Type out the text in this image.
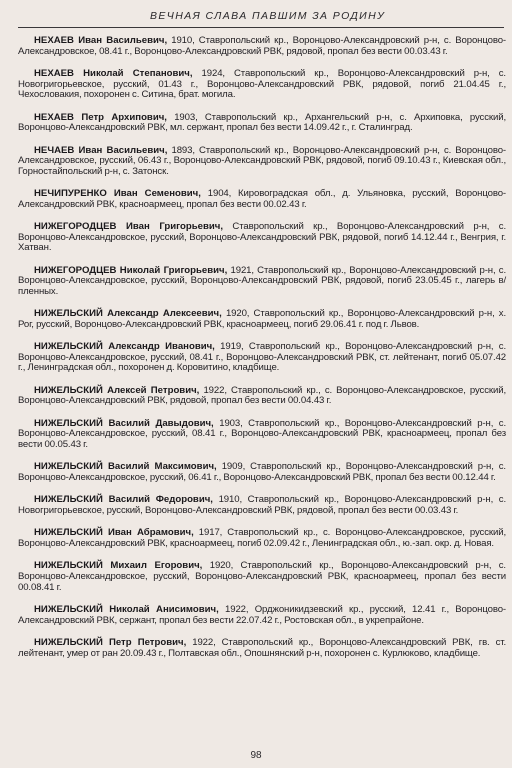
ВЕЧНАЯ СЛАВА ПАВШИМ ЗА РОДИНУ

НЕХАЕВ Иван Васильевич, 1910, Ставропольский кр., Воронцово-Александровский р-н, с. Воронцово-Александровское, 08.41 г., Воронцово-Александровский РВК, рядовой, пропал без вести 00.03.43 г.

НЕХАЕВ Николай Степанович, 1924, Ставропольский кр., Воронцово-Александровский р-н, с. Новогригорьевское, русский, 01.43 г., Воронцово-Александровский РВК, рядовой, погиб 21.04.45 г., Чехословакия, похоронен с. Ситина, брат. могила.

НЕХАЕВ Петр Архипович, 1903, Ставропольский кр., Архангельский р-н, с. Архиповка, русский, Воронцово-Александровский РВК, мл. сержант, пропал без вести 14.09.42 г., г. Сталинград.

НЕЧАЕВ Иван Васильевич, 1893, Ставропольский кр., Воронцово-Александровский р-н, с. Воронцово-Александровское, русский, 06.43 г., Воронцово-Александровский РВК, рядовой, погиб 09.10.43 г., Киевская обл., Горностайпольский р-н, с. Затонск.

НЕЧИПУРЕНКО Иван Семенович, 1904, Кировоградская обл., д. Ульяновка, русский, Воронцово-Александровский РВК, красноармеец, пропал без вести 00.02.43 г.

НИЖЕГОРОДЦЕВ Иван Григорьевич, Ставропольский кр., Воронцово-Александровский р-н, с. Воронцово-Александровское, русский, Воронцово-Александровский РВК, рядовой, погиб 14.12.44 г., Венгрия, г. Хатван.

НИЖЕГОРОДЦЕВ Николай Григорьевич, 1921, Ставропольский кр., Воронцово-Александровский р-н, с. Воронцово-Александровское, русский, Воронцово-Александровский РВК, рядовой, погиб 23.05.45 г., лагерь в/пленных.

НИЖЕЛЬСКИЙ Александр Алексеевич, 1920, Ставропольский кр., Воронцово-Александровский р-н, х. Рог, русский, Воронцово-Александровский РВК, красноармеец, погиб 29.06.41 г. под г. Львов.

НИЖЕЛЬСКИЙ Александр Иванович, 1919, Ставропольский кр., Воронцово-Александровский р-н, с. Воронцово-Александровское, русский, 08.41 г., Воронцово-Александровский РВК, ст. лейтенант, погиб 05.07.42 г., Ленинградская обл., похоронен д. Коровитино, кладбище.

НИЖЕЛЬСКИЙ Алексей Петрович, 1922, Ставропольский кр., с. Воронцово-Александровское, русский, Воронцово-Александровский РВК, рядовой, пропал без вести 00.04.43 г.

НИЖЕЛЬСКИЙ Василий Давыдович, 1903, Ставропольский кр., Воронцово-Александровский р-н, с. Воронцово-Александровское, русский, 08.41 г., Воронцово-Александровский РВК, красноармеец, пропал без вести 00.05.43 г.

НИЖЕЛЬСКИЙ Василий Максимович, 1909, Ставропольский кр., Воронцово-Александровский р-н, с. Воронцово-Александровское, русский, 06.41 г., Воронцово-Александровский РВК, пропал без вести 00.12.44 г.

НИЖЕЛЬСКИЙ Василий Федорович, 1910, Ставропольский кр., Воронцово-Александровский р-н, с. Новогригорьевское, русский, Воронцово-Александровский РВК, рядовой, пропал без вести 00.03.43 г.

НИЖЕЛЬСКИЙ Иван Абрамович, 1917, Ставропольский кр., с. Воронцово-Александровское, русский, Воронцово-Александровский РВК, красноармеец, погиб 02.09.42 г., Ленинградская обл., ю.-зап. окр. д. Новая.

НИЖЕЛЬСКИЙ Михаил Егорович, 1920, Ставропольский кр., Воронцово-Александровский р-н, с. Воронцово-Александровское, русский, Воронцово-Александровский РВК, красноармеец, пропал без вести 00.08.41 г.

НИЖЕЛЬСКИЙ Николай Анисимович, 1922, Орджоникидзевский кр., русский, 12.41 г., Воронцово-Александровский РВК, сержант, пропал без вести 22.07.42 г., Ростовская обл., в укрепрайоне.

НИЖЕЛЬСКИЙ Петр Петрович, 1922, Ставропольский кр., Воронцово-Александровский РВК, гв. ст. лейтенант, умер от ран 20.09.43 г., Полтавская обл., Опошнянский р-н, похоронен с. Курлюково, кладбище.

98
